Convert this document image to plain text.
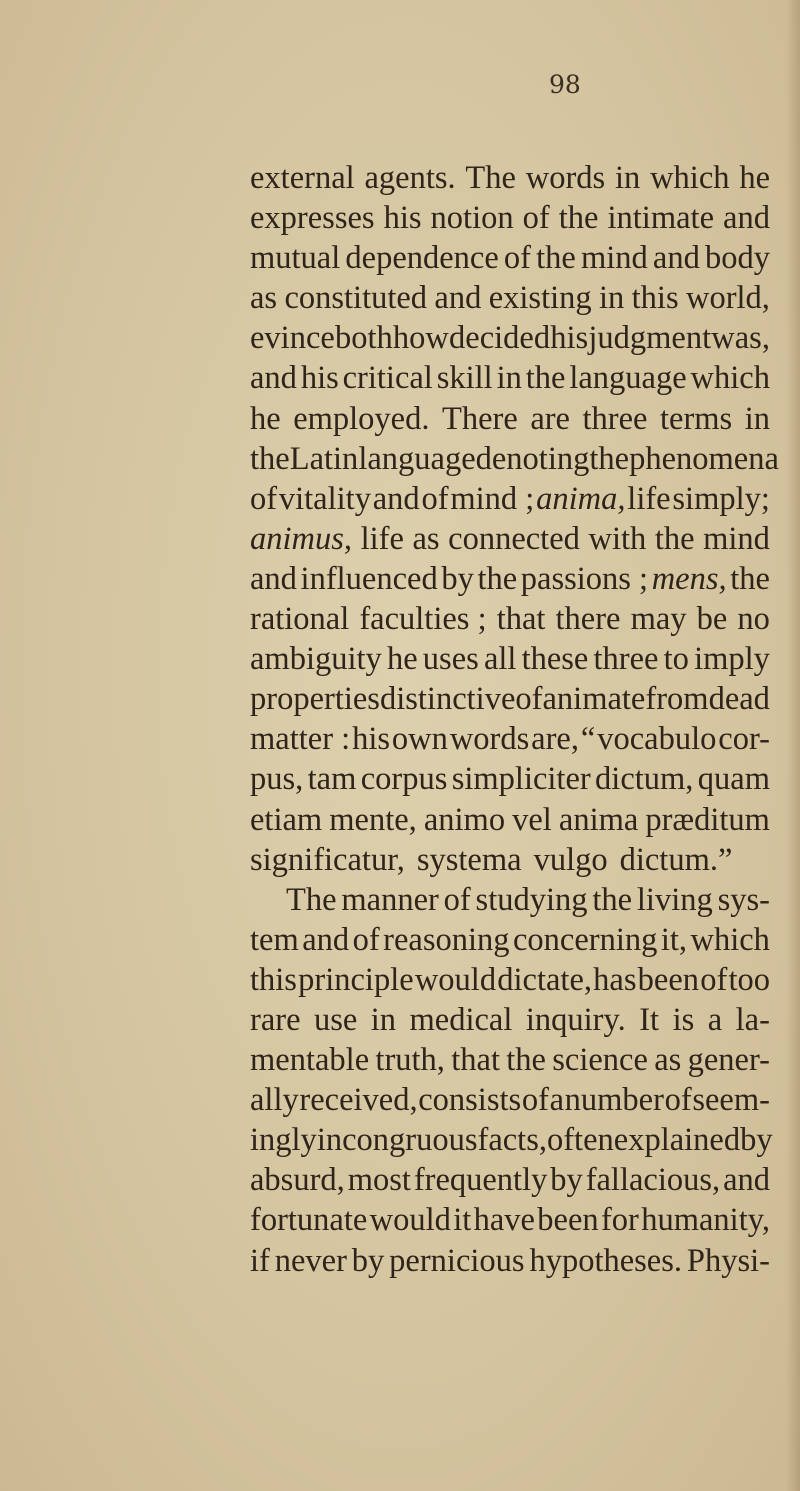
98

external agents. The words in which he
expresses his notion of the intimate and
mutual dependence of the mind and body
as constituted and existing in this world,
evince both how decided his judgment was,
and his critical skill in the language which
he employed. There are three terms in
the Latin language denoting the phenomena
of vitality and of mind ; anima, life simply;
animus, life as connected with the mind
and influenced by the passions ; mens, the
rational faculties ; that there may be no
ambiguity he uses all these three to imply
properties distinctive of animate from dead
matter : his own words are, “ vocabulo cor-
pus, tam corpus simpliciter dictum, quam
etiam mente, animo vel anima præditum
significatur, systema vulgo dictum.”
The manner of studying the living sys-
tem and of reasoning concerning it, which
this principle would dictate, has been of too
rare use in medical inquiry. It is a la-
mentable truth, that the science as gener-
ally received, consists of a number of seem-
ingly incongruous facts, often explained by
absurd, most frequently by fallacious, and
fortunate would it have been for humanity,
if never by pernicious hypotheses. Physi-
